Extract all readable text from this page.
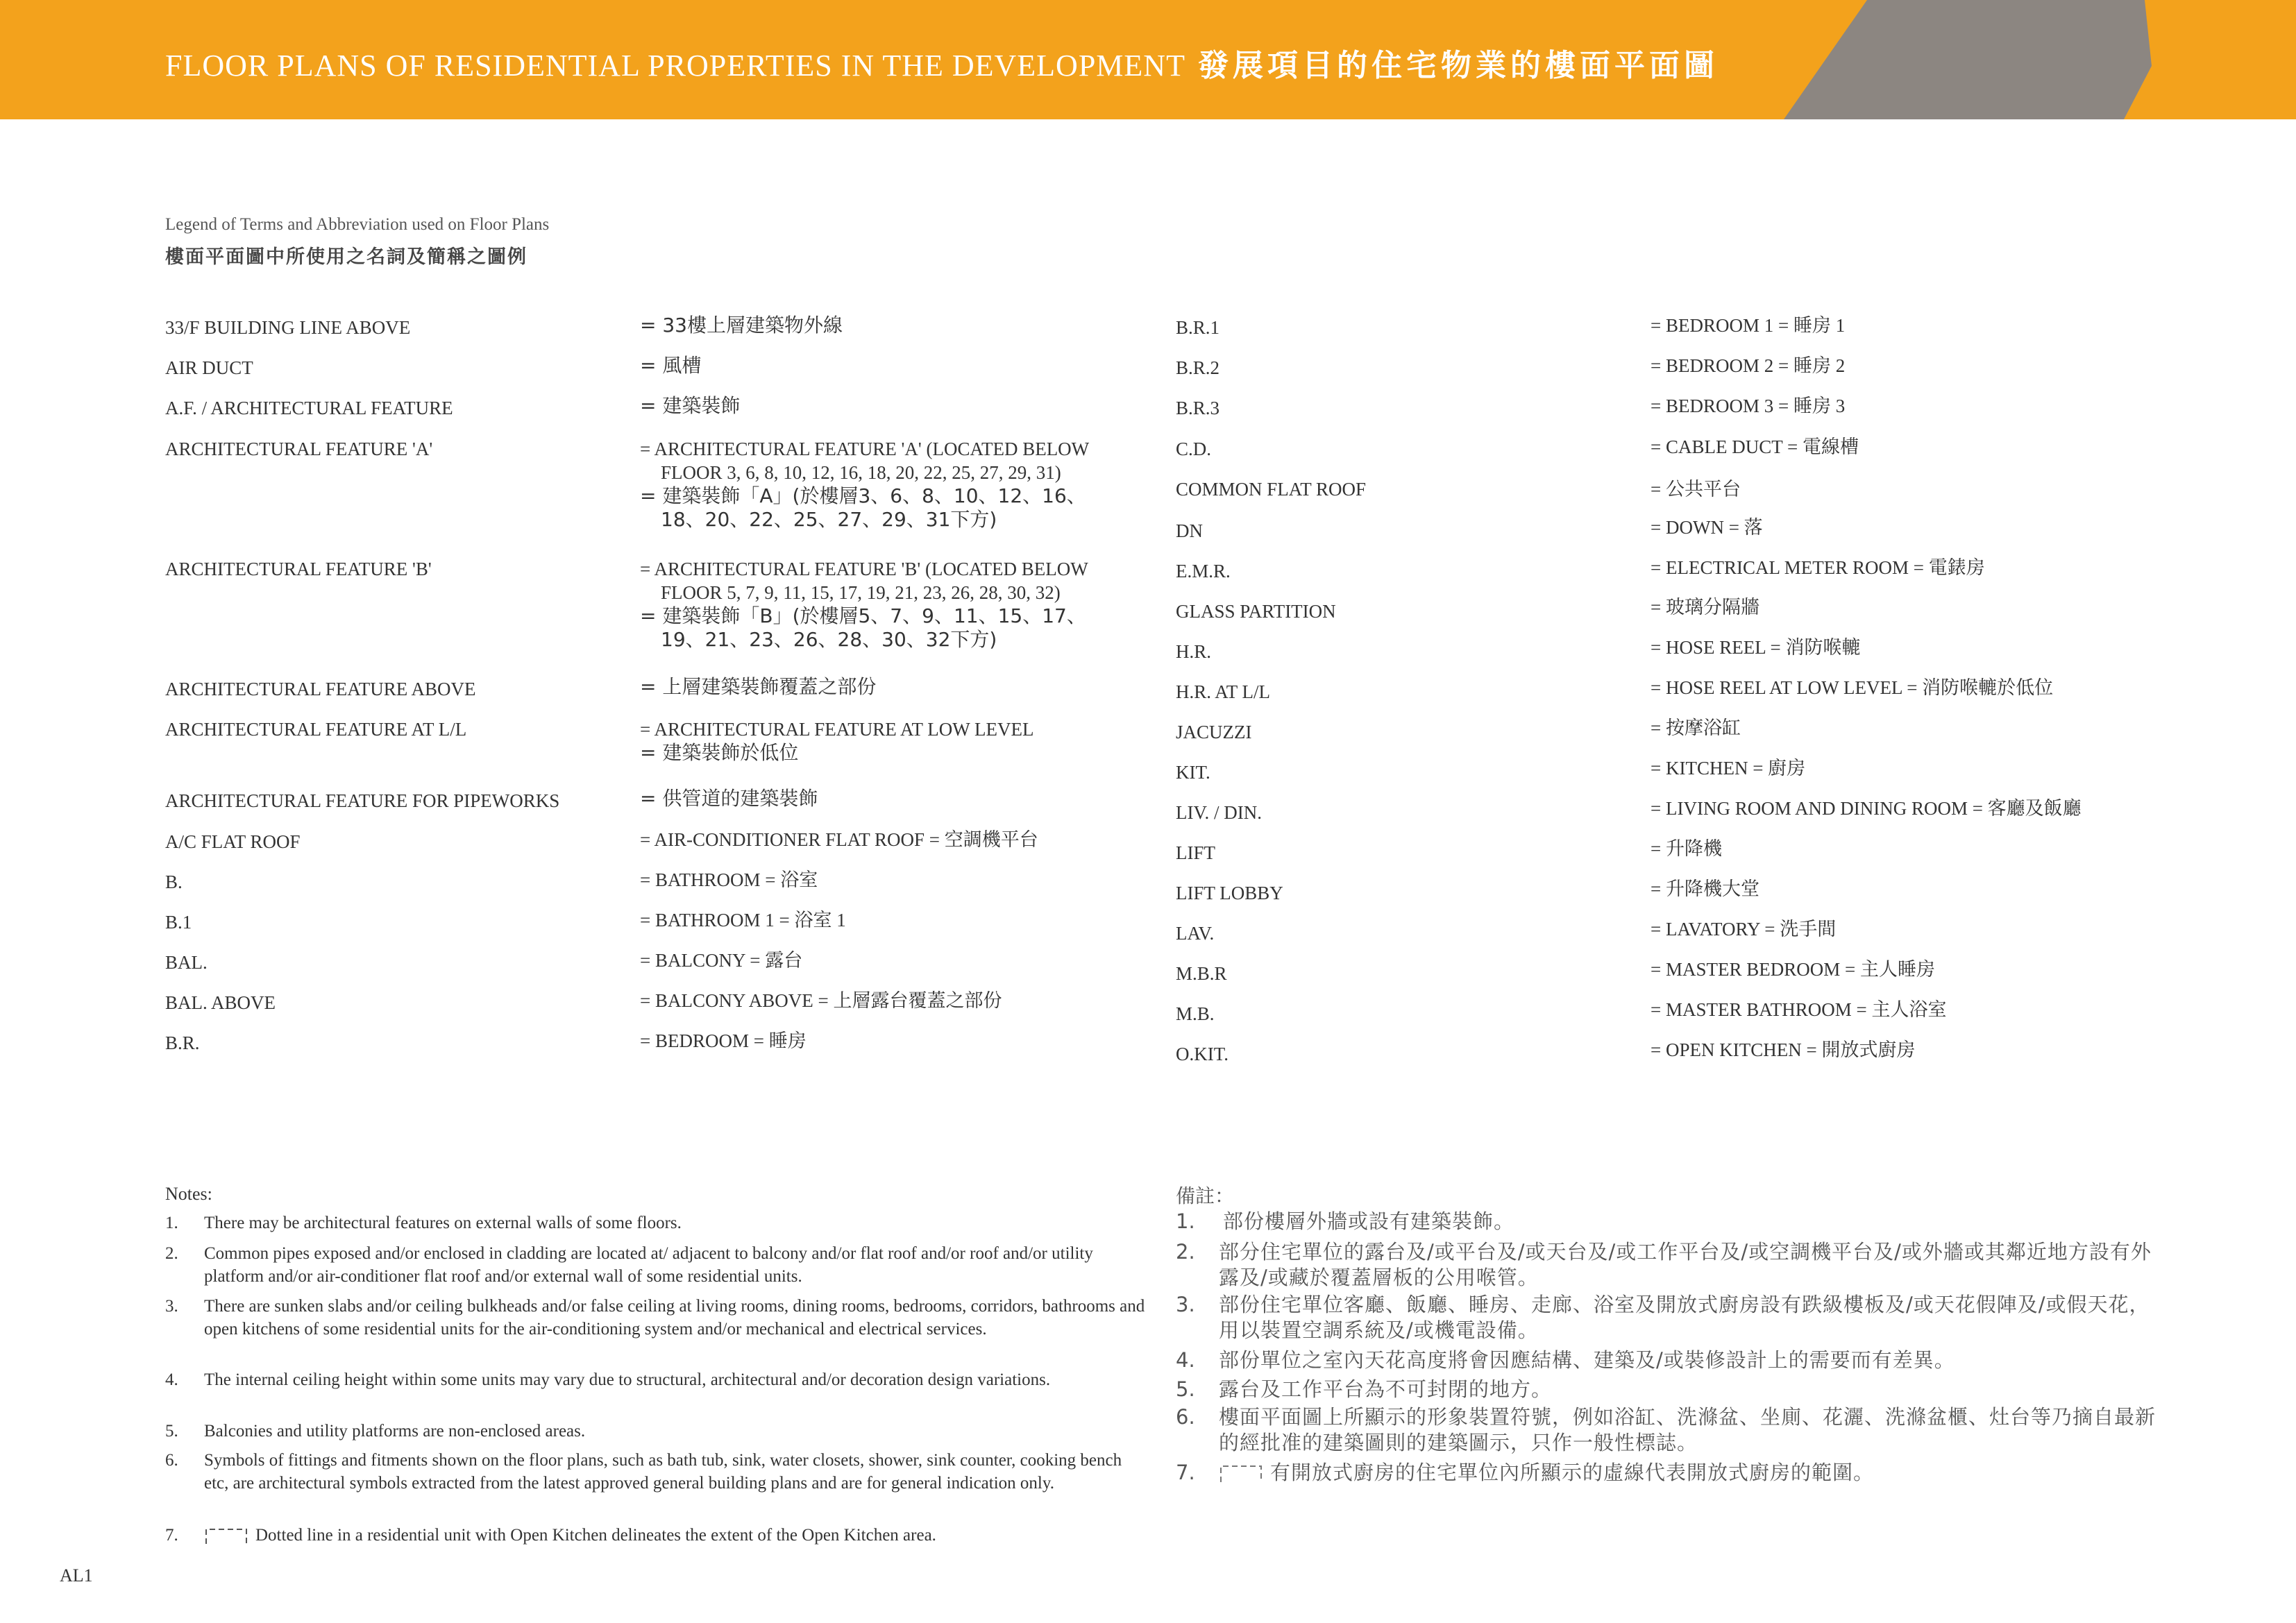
FLOOR PLANS OF RESIDENTIAL PROPERTIES IN THE DEVELOPMENT 發展項目的住宅物業的樓面平面圖
Legend of Terms and Abbreviation used on Floor Plans
樓面平面圖中所使用之名詞及簡稱之圖例
33/F BUILDING LINE ABOVE	= 33樓上層建築物外線
AIR DUCT	= 風槽
A.F. / ARCHITECTURAL FEATURE	= 建築裝飾
ARCHITECTURAL FEATURE 'A'	= ARCHITECTURAL FEATURE 'A' (LOCATED BELOW
FLOOR 3, 6, 8, 10, 12, 16, 18, 20, 22, 25, 27, 29, 31)
= 建築裝飾「A」(於樓層3、6、8、10、12、16、
18、20、22、25、27、29、31下方)
ARCHITECTURAL FEATURE 'B'	= ARCHITECTURAL FEATURE 'B' (LOCATED BELOW
FLOOR 5, 7, 9, 11, 15, 17, 19, 21, 23, 26, 28, 30, 32)
= 建築裝飾「B」(於樓層5、7、9、11、15、17、
19、21、23、26、28、30、32下方)
ARCHITECTURAL FEATURE ABOVE	= 上層建築裝飾覆蓋之部份
ARCHITECTURAL FEATURE AT L/L	= ARCHITECTURAL FEATURE AT LOW LEVEL
= 建築裝飾於低位
ARCHITECTURAL FEATURE FOR PIPEWORKS	= 供管道的建築裝飾
A/C FLAT ROOF	= AIR-CONDITIONER FLAT ROOF = 空調機平台
B.	= BATHROOM = 浴室
B.1	= BATHROOM 1 = 浴室 1
BAL.	= BALCONY = 露台
BAL. ABOVE	= BALCONY ABOVE = 上層露台覆蓋之部份
B.R.	= BEDROOM = 睡房
B.R.1	= BEDROOM 1 = 睡房 1
B.R.2	= BEDROOM 2 = 睡房 2
B.R.3	= BEDROOM 3 = 睡房 3
C.D.	= CABLE DUCT = 電線槽
COMMON FLAT ROOF	= 公共平台
DN	= DOWN = 落
E.M.R.	= ELECTRICAL METER ROOM = 電錶房
GLASS PARTITION	= 玻璃分隔牆
H.R.	= HOSE REEL = 消防喉轆
H.R. AT L/L	= HOSE REEL AT LOW LEVEL = 消防喉轆於低位
JACUZZI	= 按摩浴缸
KIT.	= KITCHEN = 廚房
LIV. / DIN.	= LIVING ROOM AND DINING ROOM = 客廳及飯廳
LIFT	= 升降機
LIFT LOBBY	= 升降機大堂
LAV.	= LAVATORY = 洗手間
M.B.R	= MASTER BEDROOM = 主人睡房
M.B.	= MASTER BATHROOM = 主人浴室
O.KIT.	= OPEN KITCHEN = 開放式廚房
Notes:
1. There may be architectural features on external walls of some floors.
2. Common pipes exposed and/or enclosed in cladding are located at/ adjacent to balcony and/or flat roof and/or roof and/or utility platform and/or air-conditioner flat roof and/or external wall of some residential units.
3. There are sunken slabs and/or ceiling bulkheads and/or false ceiling at living rooms, dining rooms, bedrooms, corridors, bathrooms and open kitchens of some residential units for the air-conditioning system and/or mechanical and electrical services.
4. The internal ceiling height within some units may vary due to structural, architectural and/or decoration design variations.
5. Balconies and utility platforms are non-enclosed areas.
6. Symbols of fittings and fitments shown on the floor plans, such as bath tub, sink, water closets, shower, sink counter, cooking bench etc, are architectural symbols extracted from the latest approved general building plans and are for general indication only.
7.	Dotted line in a residential unit with Open Kitchen delineates the extent of the Open Kitchen area.
備註：
1. 部份樓層外牆或設有建築裝飾。
2. 部分住宅單位的露台及/或平台及/或天台及/或工作平台及/或空調機平台及/或外牆或其鄰近地方設有外露及/或藏於覆蓋層板的公用喉管。
3. 部份住宅單位客廳、飯廳、睡房、走廊、浴室及開放式廚房設有跌級樓板及/或天花假陣及/或假天花，用以裝置空調系統及/或機電設備。
4. 部份單位之室內天花高度將會因應結構、建築及/或裝修設計上的需要而有差異。
5. 露台及工作平台為不可封閉的地方。
6. 樓面平面圖上所顯示的形象裝置符號，例如浴缸、洗滌盆、坐廁、花灑、洗滌盆櫃、灶台等乃摘自最新的經批准的建築圖則的建築圖示，只作一般性標誌。
7.	有開放式廚房的住宅單位內所顯示的虛線代表開放式廚房的範圍。
AL1
